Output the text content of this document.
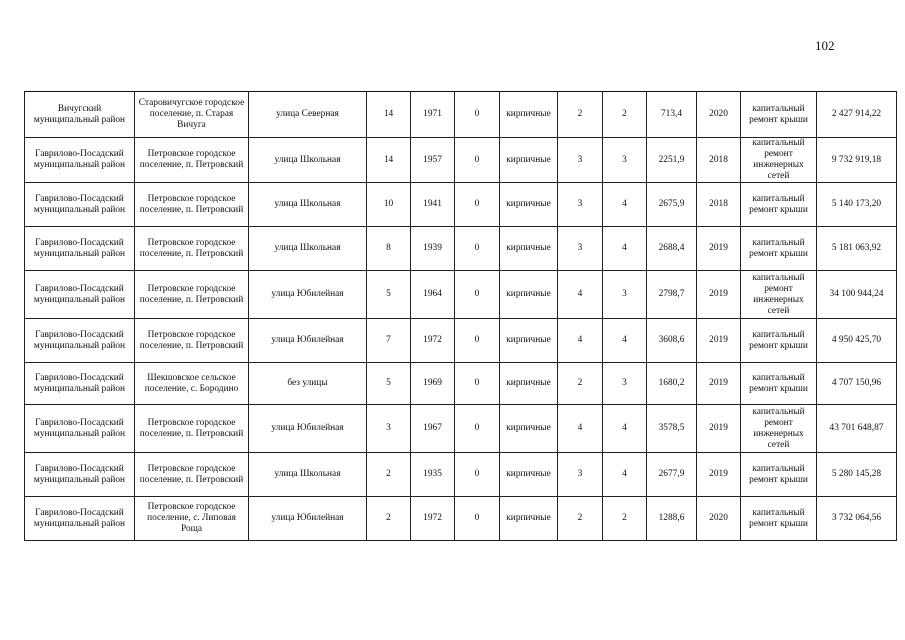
102
Вичугский муниципальный район	Старовичугское городское поселение, п. Старая Вичуга	улица Северная	14	1971	0	кирпичные	2	2	713,4	2020	капитальный ремонт крыши	2 427 914,22
Гаврилово-Посадский муниципальный район	Петровское городское поселение, п. Петровский	улица Школьная	14	1957	0	кирпичные	3	3	2251,9	2018	капитальный ремонт инженерных сетей	9 732 919,18
Гаврилово-Посадский муниципальный район	Петровское городское поселение, п. Петровский	улица Школьная	10	1941	0	кирпичные	3	4	2675,9	2018	капитальный ремонт крыши	5 140 173,20
Гаврилово-Посадский муниципальный район	Петровское городское поселение, п. Петровский	улица Школьная	8	1939	0	кирпичные	3	4	2688,4	2019	капитальный ремонт крыши	5 181 063,92
Гаврилово-Посадский муниципальный район	Петровское городское поселение, п. Петровский	улица Юбилейная	5	1964	0	кирпичные	4	3	2798,7	2019	капитальный ремонт инженерных сетей	34 100 944,24
Гаврилово-Посадский муниципальный район	Петровское городское поселение, п. Петровский	улица Юбилейная	7	1972	0	кирпичные	4	4	3608,6	2019	капитальный ремонт крыши	4 950 425,70
Гаврилово-Посадский муниципальный район	Шекшовское сельское поселение, с. Бородино	без улицы	5	1969	0	кирпичные	2	3	1680,2	2019	капитальный ремонт крыши	4 707 150,96
Гаврилово-Посадский муниципальный район	Петровское городское поселение, п. Петровский	улица Юбилейная	3	1967	0	кирпичные	4	4	3578,5	2019	капитальный ремонт инженерных сетей	43 701 648,87
Гаврилово-Посадский муниципальный район	Петровское городское поселение, п. Петровский	улица Школьная	2	1935	0	кирпичные	3	4	2677,9	2019	капитальный ремонт крыши	5 280 145,28
Гаврилово-Посадский муниципальный район	Петровское городское поселение, с. Липовая Роща	улица Юбилейная	2	1972	0	кирпичные	2	2	1288,6	2020	капитальный ремонт крыши	3 732 064,56
